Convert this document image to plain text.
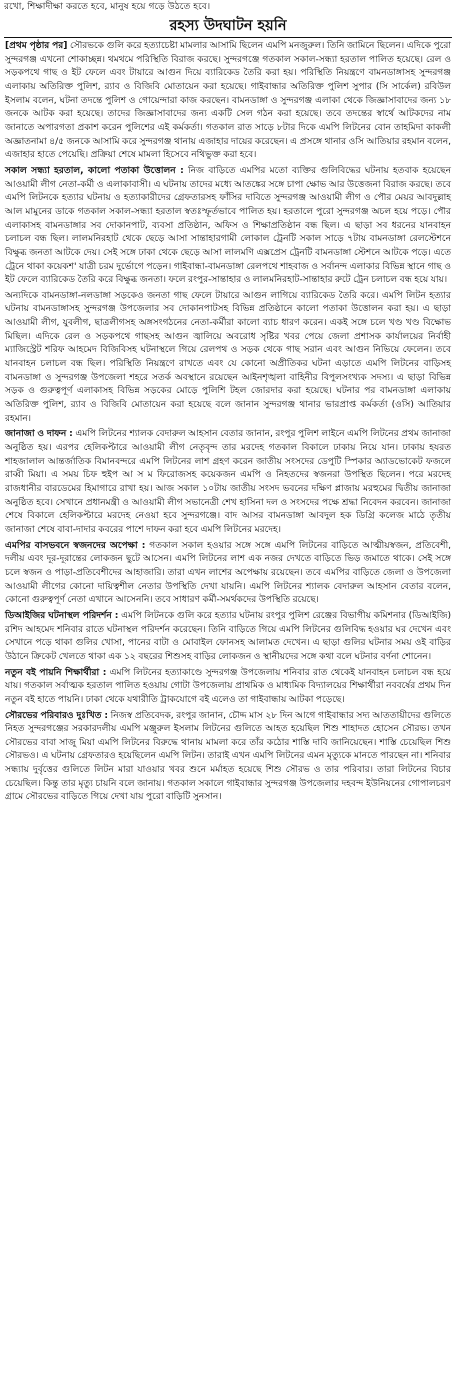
রখো, শিক্ষাদীক্ষা করতে হবে, মানুষ হয়ে গড়ে উঠতে হবে।
রহস্য উদঘাটন হয়নি

[প্রথম পৃষ্ঠার পর] সৌরভকে গুলি করে হত্যাচেষ্টা মামলার আসামি ছিলেন এমপি মনজুরুল। তিনি জামিনে ছিলেন। এদিকে পুরো সুন্দরগঞ্জ এখনো শোকাচ্ছন্ন। থমথমে পরিস্থিতি বিরাজ করছে। সুন্দরগঞ্জে গতকাল সকাল-সন্ধ্যা হরতাল পালিত হয়েছে। রেল ও সড়কপথে গাছ ও ইট ফেলে এবং টায়ারে আগুন দিয়ে ব্যারিকেড তৈরি করা হয়। পরিস্থিতি নিয়ন্ত্রণে বামনডাঙ্গাসহ সুন্দরগঞ্জ এলাকায় অতিরিক্ত পুলিশ, র‌্যাব ও বিজিবি মোতায়েন করা হয়েছে। গাইবান্ধার অতিরিক্ত পুলিশ সুপার (সি সার্কেল) রবিউল ইসলাম বলেন, ঘটনা তদন্তে পুলিশ ও গোয়েন্দারা কাজ করছেন। বামনডাঙ্গা ও সুন্দরগঞ্জ এলাকা থেকে জিজ্ঞাসাবাদের জন্য ১৮ জনকে আটক করা হয়েছে। তাদের জিজ্ঞাসাবাদের জন্য একটি সেল গঠন করা হয়েছে। তবে তদন্তের স্বার্থে আটকদের নাম জানাতে অপারগতা প্রকাশ করেন পুলিশের এই কর্মকর্তা। গতকাল রাত সাড়ে ৮টার দিকে এমপি লিটনের বোন তাহমিদা কাকলী অজ্ঞাতনামা ৪/৫ জনকে আসামি করে সুন্দরগঞ্জ থানায় এজাহার দায়ের করেছেন। এ প্রসঙ্গে থানার ওসি আতিয়ার রহমান বলেন, এজাহার হাতে পেয়েছি। প্রক্রিয়া শেষে মামলা হিসেবে নথিভুক্ত করা হবে।

সকাল সন্ধ্যা হরতাল, কালো পতাকা উত্তোলন : নিজ বাড়িতে এমপির মতো ব্যক্তির গুলিবিদ্ধের ঘটনায় হতবাক হয়েছেন আওয়ামী লীগ নেতা-কর্মী ও এলাকাবাসী। এ ঘটনায় তাদের মধ্যে আতঙ্কের সঙ্গে চাপা ক্ষোভ আর উত্তেজনা বিরাজ করছে। তবে এমপি লিটনকে হত্যার ঘটনায় ও হত্যাকারীদের গ্রেফতারসহ ফাঁসির দাবিতে সুন্দরগঞ্জ আওয়ামী লীগ ও পৌর মেয়র আবদুল্লাহ আল মামুনের ডাকে গতকাল সকাল-সন্ধ্যা হরতাল স্বতঃস্ফূর্তভাবে পালিত হয়। হরতালে পুরো সুন্দরগঞ্জ অচল হয়ে পড়ে। পৌর এলাকাসহ বামনডাঙ্গার সব দোকানপাট, ব্যবসা প্রতিষ্ঠান, অফিস ও শিক্ষাপ্রতিষ্ঠান বন্ধ ছিল। এ ছাড়া সব ধরনের যানবাহন চলাচল বন্ধ ছিল। লালমনিরহাট থেকে ছেড়ে আসা সান্তাহারগামী লোকাল ট্রেনটি সকাল সাড়ে ৭টায় বামনডাঙ্গা রেলস্টেশনে বিক্ষুব্ধ জনতা আটকে দেয়। সেই সঙ্গে ঢাকা থেকে ছেড়ে আসা লালমণি এক্সপ্রেস ট্রেনটি বামনডাঙ্গা স্টেশনে আটকে পড়ে। এতে ট্রেনে থাকা কয়েকশ' যাত্রী চরম দুর্ভোগে পড়েন। গাইবান্ধা-বামনডাঙ্গা রেলপথে শাহবাজ ও সর্বানন্দ এলাকার বিভিন্ন স্থানে গাছ ও ইট ফেলে ব্যারিকেড তৈরি করে বিক্ষুব্ধ জনতা। ফলে রংপুর-সান্তাহার ও লালমনিরহাট-সান্তাহার রুটে ট্রেন চলাচল বন্ধ হয়ে যায়।

অন্যদিকে বামনডাঙ্গা-নলডাঙ্গা সড়কেও জনতা গাছ ফেলে টায়ারে আগুন লাগিয়ে ব্যারিকেড তৈরি করে। এমপি লিটন হত্যার ঘটনায় বামনডাঙ্গাসহ সুন্দরগঞ্জ উপজেলার সব দোকানপাটসহ বিভিন্ন প্রতিষ্ঠানে কালো পতাকা উত্তোলন করা হয়। এ ছাড়া আওয়ামী লীগ, যুবলীগ, ছাত্রলীগসহ অঙ্গসংগঠনের নেতা-কর্মীরা কালো ব্যাচ ধারণ করেন। একই সঙ্গে চলে খণ্ড খণ্ড বিক্ষোভ মিছিল। এদিকে রেল ও সড়কপথে গাছসহ আগুন জ্বালিয়ে অবরোধ সৃষ্টির খবর পেয়ে জেলা প্রশাসক কার্যালয়ের নির্বাহী ম্যাজিস্ট্রেট শরিফ আহমেদ বিজিবিসহ ঘটনাস্থলে গিয়ে রেলপথ ও সড়ক থেকে গাছ সরান এবং আগুন নিভিয়ে ফেলেন। তবে যানবাহন চলাচল বন্ধ ছিল। পরিস্থিতি নিয়ন্ত্রণে রাখতে এবং যে কোনো অপ্রীতিকর ঘটনা এড়াতে এমপি লিটনের বাড়িসহ বামনডাঙ্গা ও সুন্দরগঞ্জ উপজেলা শহরে সতর্ক অবস্থানে রয়েছেন আইনশৃঙ্খলা বাহিনীর বিপুলসংখ্যক সদস্য। এ ছাড়া বিভিন্ন সড়ক ও গুরুত্বপূর্ণ এলাকাসহ বিভিন্ন সড়কের মোড়ে পুলিশি টহল জোরদার করা হয়েছে। ঘটনার পর বামনডাঙ্গা এলাকায় অতিরিক্ত পুলিশ, র‌্যাব ও বিজিবি মোতায়েন করা হয়েছে বলে জানান সুন্দরগঞ্জ থানার ভারপ্রাপ্ত কর্মকর্তা (ওসি) আতিয়ার রহমান।

জানাজা ও দাফন : এমপি লিটনের শ্যালক বেদারুল আহসান বেতার জানান, রংপুর পুলিশ লাইনে এমপি লিটনের প্রথম জানাজা অনুষ্ঠিত হয়। এরপর হেলিকপ্টারে আওয়ামী লীগ নেতৃবৃন্দ তার মরদেহ গতকাল বিকালে ঢাকায় নিয়ে যান। ঢাকায় হযরত শাহজালাল আন্তর্জাতিক বিমানবন্দরে এমপি লিটনের লাশ গ্রহণ করেন জাতীয় সংসদের ডেপুটি স্পিকার অ্যাডভোকেট ফজলে রাব্বী মিয়া। এ সময় চিফ হুইপ আ স ম ফিরোজসহ কয়েকজন এমপি ও নিহতদের স্বজনরা উপস্থিত ছিলেন। পরে মরদেহ রাজধানীর বারডেমের হিমাগারে রাখা হয়। আজ সকাল ১০টায় জাতীয় সংসদ ভবনের দক্ষিণ প্লাজায় মরহুমের দ্বিতীয় জানাজা অনুষ্ঠিত হবে। সেখানে প্রধানমন্ত্রী ও আওয়ামী লীগ সভানেত্রী শেখ হাসিনা দল ও সংসদের পক্ষে শ্রদ্ধা নিবেদন করবেন। জানাজা শেষে বিকালে হেলিকপ্টারে মরদেহ নেওয়া হবে সুন্দরগঞ্জে। বাদ আসর বামনডাঙ্গা আবদুল হক ডিগ্রি কলেজ মাঠে তৃতীয় জানাজা শেষে বাবা-দাদার কবরের পাশে দাফন করা হবে এমপি লিটনের মরদেহ।

এমপির বাসভবনে স্বজনদের অপেক্ষা : গতকাল সকাল হওয়ার সঙ্গে সঙ্গে এমপি লিটনের বাড়িতে আত্মীয়স্বজন, প্রতিবেশী, দলীয় এবং দূর-দূরান্তের লোকজন ছুটে আসেন। এমপি লিটনের লাশ এক নজর দেখতে বাড়িতে ভিড় জমাতে থাকে। সেই সঙ্গে চলে স্বজন ও পাড়া-প্রতিবেশীদের আহাজারি। তারা এখন লাশের অপেক্ষায় রয়েছেন। তবে এমপির বাড়িতে জেলা ও উপজেলা আওয়ামী লীগের কোনো দায়িত্বশীল নেতার উপস্থিতি দেখা যায়নি। এমপি লিটনের শ্যালক বেদারুল আহসান বেতার বলেন, কোনো গুরুত্বপূর্ণ নেতা এখানে আসেননি। তবে সাধারণ কর্মী-সমর্থকদের উপস্থিতি রয়েছে।

ডিআইজির ঘটনাস্থল পরিদর্শন : এমপি লিটনকে গুলি করে হত্যার ঘটনায় রংপুর পুলিশ রেঞ্জের বিভাগীয় কমিশনার (ডিআইজি) রশিদ আহমেদ শনিবার রাতে ঘটনাস্থল পরিদর্শন করেছেন। তিনি বাড়িতে গিয়ে এমপি লিটনের গুলিবিদ্ধ হওয়ার ঘর দেখেন এবং সেখানে পড়ে থাকা গুলির খোসা, পানের বাটা ও মোবাইল ফোনসহ আলামত দেখেন। এ ছাড়া গুলির ঘটনার সময় ওই বাড়ির উঠানে ক্রিকেট খেলতে থাকা এক ১২ বছরের শিশুসহ বাড়ির লোকজন ও স্থানীয়দের সঙ্গে কথা বলে ঘটনার বর্ণনা শোনেন।

নতুন বই পায়নি শিক্ষার্থীরা : এমপি লিটনের হত্যাকাণ্ডে সুন্দরগঞ্জ উপজেলায় শনিবার রাত থেকেই যানবাহন চলাচল বন্ধ হয়ে যায়। গতকাল সর্বাত্মক হরতাল পালিত হওয়ায় গোটা উপজেলায় প্রাথমিক ও মাধ্যমিক বিদ্যালয়ের শিক্ষার্থীরা নববর্ষের প্রথম দিন নতুন বই হাতে পায়নি। ঢাকা থেকে যথারীতি ট্রাকযোগে বই এলেও তা গাইবান্ধায় আটকা পড়েছে।

সৌরভের পরিবারও দুঃখিত : নিজস্ব প্রতিবেদক, রংপুর জানান, চৌদ্দ মাস ২৮ দিন আগে গাইবান্ধার সদ্য আততায়ীদের গুলিতে নিহত সুন্দরগঞ্জের সরকারদলীয় এমপি মঞ্জুরুল ইসলাম লিটনের গুলিতে আহত হয়েছিল শিশু শাহাদত হোসেন সৌরভ। তখন সৌরভের বাবা সাজু মিয়া এমপি লিটনের বিরুদ্ধে থানায় মামলা করে তাঁর কঠোর শাস্তি দাবি জানিয়েছেন। শাস্তি চেয়েছিল শিশু সৌরভও। এ ঘটনায় গ্রেফতারও হয়েছিলেন এমপি লিটন। তারাই এখন এমপি লিটনের এমন মৃত্যুকে মানতে পারছেন না। শনিবার সন্ধ্যায় দুর্বৃত্তের গুলিতে লিটন মারা যাওয়ার খবর শুনে মর্মাহত হয়েছে শিশু সৌরভ ও তার পরিবার। তারা লিটনের বিচার চেয়েছিল। কিন্তু তার মৃত্যু চায়নি বলে জানায়। গতকাল সকালে গাইবান্ধার সুন্দরগঞ্জ উপজেলার দহবন্দ ইউনিয়নের গোপালচরণ গ্রামে সৌরভের বাড়িতে গিয়ে দেখা যায় পুরো বাড়িটি সুনসান।
